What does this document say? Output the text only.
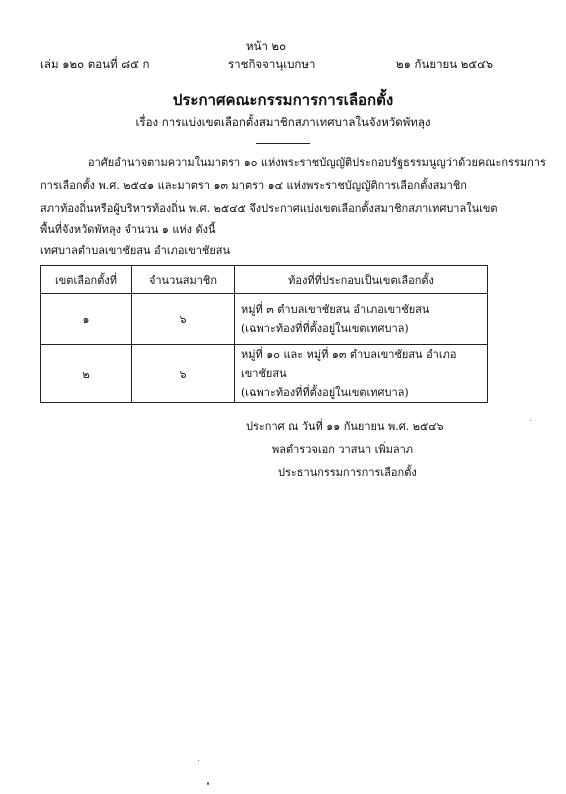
หน้า ๒๐
เล่ม ๑๒๐ ตอนที่ ๘๕ ก	ราชกิจจานุเบกษา	๒๑ กันยายน ๒๕๔๖
ประกาศคณะกรรมการการเลือกตั้ง
เรื่อง การแบ่งเขตเลือกตั้งสมาชิกสภาเทศบาลในจังหวัดพัทลุง
อาศัยอำนาจตามความในมาตรา ๑๐ แห่งพระราชบัญญัติประกอบรัฐธรรมนูญว่าด้วยคณะกรรมการ
การเลือกตั้ง พ.ศ. ๒๕๔๑ และมาตรา ๑๓ มาตรา ๑๔ แห่งพระราชบัญญัติการเลือกตั้งสมาชิก
สภาท้องถิ่นหรือผู้บริหารท้องถิ่น พ.ศ. ๒๕๔๕ จึงประกาศแบ่งเขตเลือกตั้งสมาชิกสภาเทศบาลในเขต
พื้นที่จังหวัดพัทลุง จำนวน ๑ แห่ง ดังนี้
เทศบาลตำบลเขาชัยสน อำเภอเขาชัยสน
เขตเลือกตั้งที่	จำนวนสมาชิก	ท้องที่ที่ประกอบเป็นเขตเลือกตั้ง
๑	๖	หมู่ที่ ๓ ตำบลเขาชัยสน อำเภอเขาชัยสน
(เฉพาะท้องที่ที่ตั้งอยู่ในเขตเทศบาล)

๒	๖	หมู่ที่ ๑๐ และ หมู่ที่ ๑๓ ตำบลเขาชัยสน อำเภอเขาชัยสน
(เฉพาะท้องที่ที่ตั้งอยู่ในเขตเทศบาล)
ประกาศ ณ วันที่ ๑๑ กันยายน พ.ศ. ๒๕๔๖
พลตำรวจเอก วาสนา เพิ่มลาภ
ประธานกรรมการการเลือกตั้ง
